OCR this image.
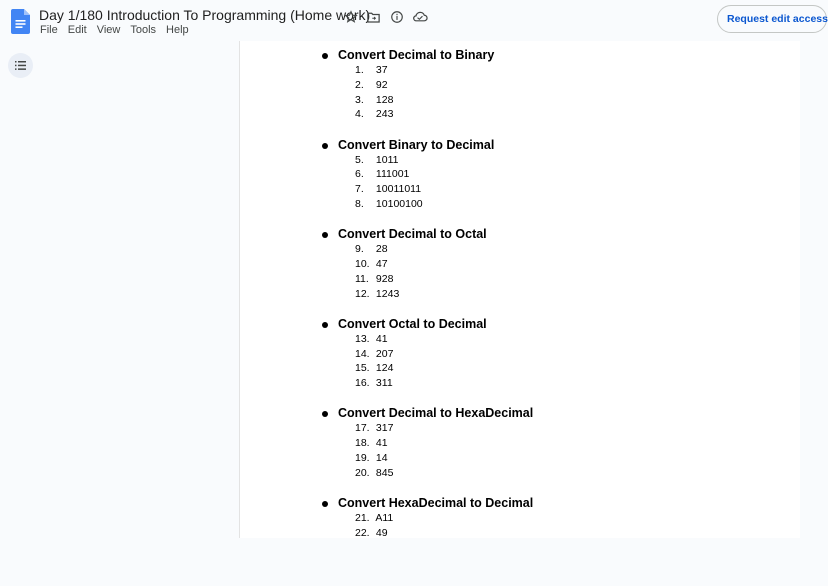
Day 1/180 Introduction To Programming (Home work)
File Edit View Tools Help
Request edit access
Convert Decimal to Binary
1. 37
2. 92
3. 128
4. 243
Convert Binary to Decimal
5. 1011
6. 111001
7. 10011011
8. 10100100
Convert Decimal to Octal
9. 28
10. 47
11. 928
12. 1243
Convert Octal to Decimal
13. 41
14. 207
15. 124
16. 311
Convert Decimal to HexaDecimal
17. 317
18. 41
19. 14
20. 845
Convert HexaDecimal to Decimal
21. A11
22. 49
